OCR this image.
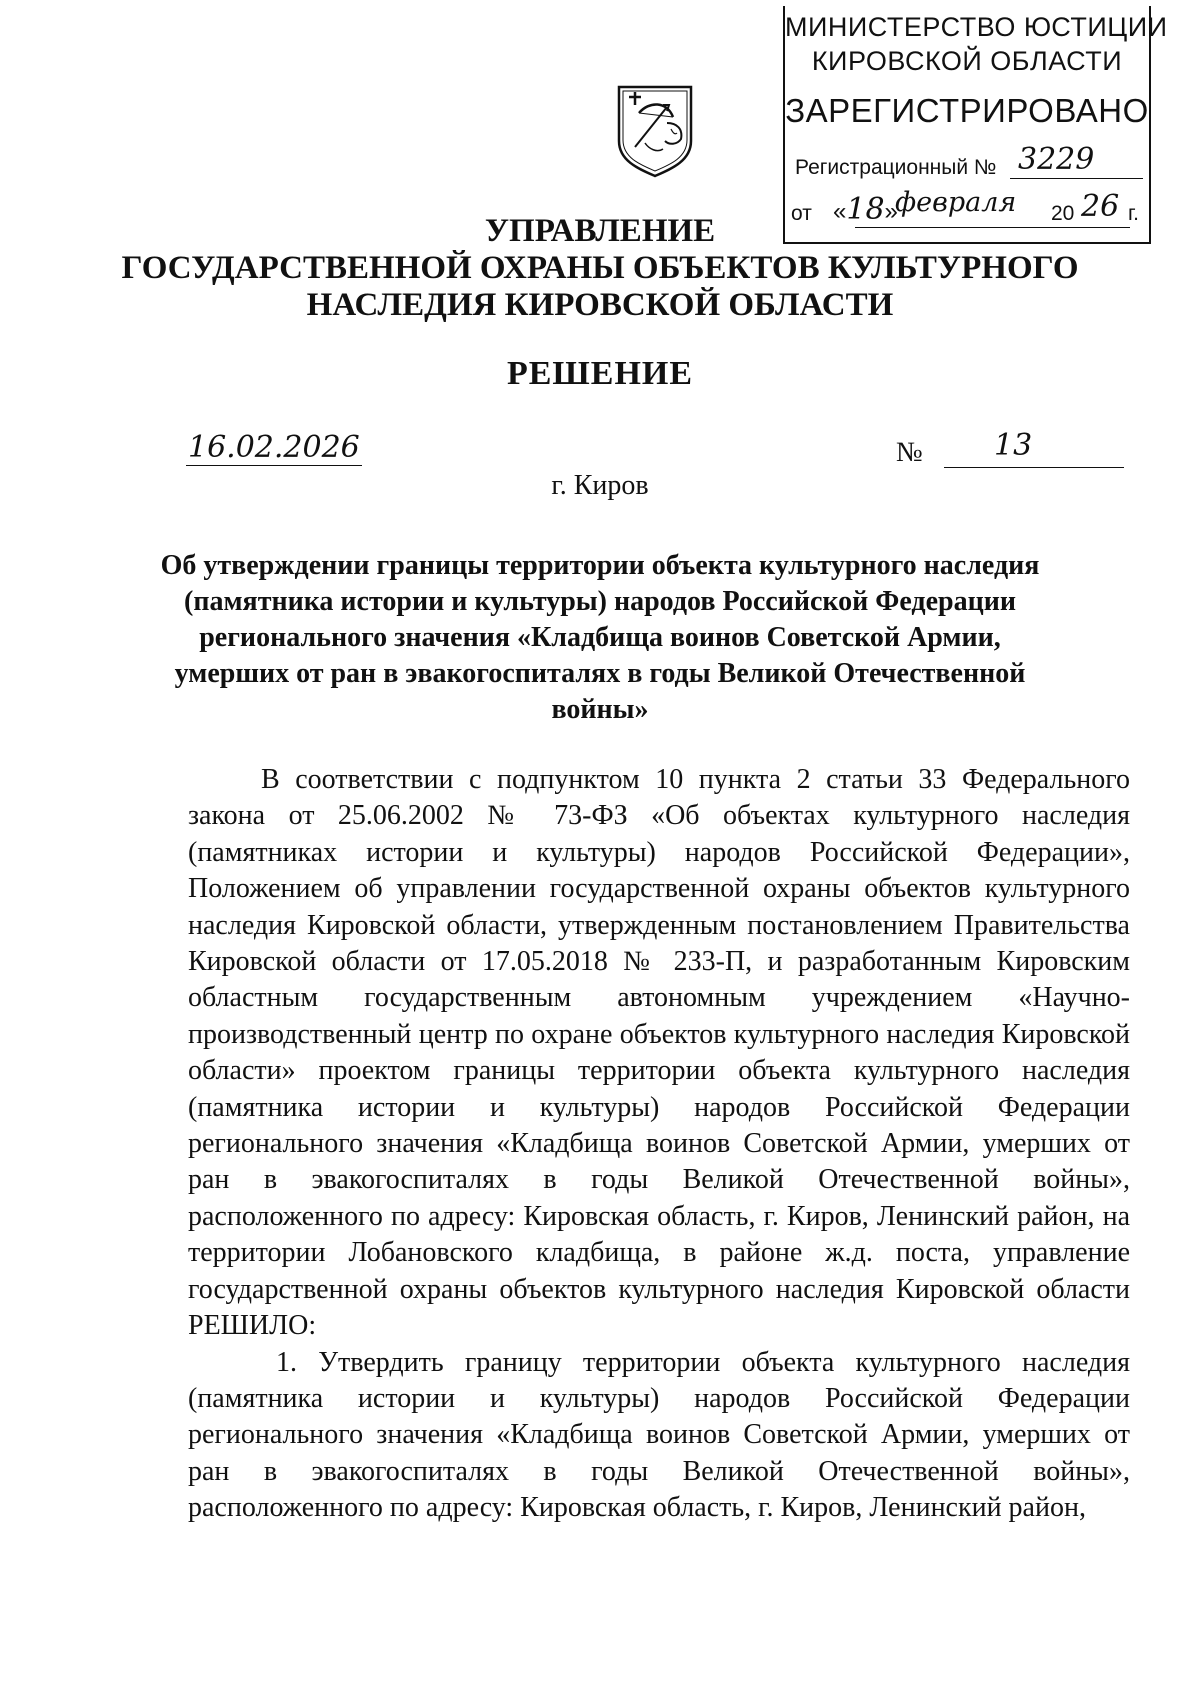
МИНИСТЕРСТВО ЮСТИЦИИ
КИРОВСКОЙ ОБЛАСТИ
ЗАРЕГИСТРИРОВАНО
Регистрационный № 3229
от «18»
февраля 20 26 г.
УПРАВЛЕНИЕ
ГОСУДАРСТВЕННОЙ ОХРАНЫ ОБЪЕКТОВ КУЛЬТУРНОГО
НАСЛЕДИЯ КИРОВСКОЙ ОБЛАСТИ
РЕШЕНИЕ
16.02.2026	№	13
г. Киров
Об утверждении границы территории объекта культурного наследия
(памятника истории и культуры) народов Российской Федерации
регионального значения «Кладбища воинов Советской Армии,
умерших от ран в эвакогоспиталях в годы Великой Отечественной
войны»

В соответствии с подпунктом 10 пункта 2 статьи 33 Федерального закона от 25.06.2002 № 73-ФЗ «Об объектах культурного наследия (памятниках истории и культуры) народов Российской Федерации», Положением об управлении государственной охраны объектов культурного наследия Кировской области, утвержденным постановлением Правительства Кировской области от 17.05.2018 № 233-П, и разработанным Кировским областным государственным автономным учреждением «Научно-производственный центр по охране объектов культурного наследия Кировской области» проектом границы территории объекта культурного наследия (памятника истории и культуры) народов Российской Федерации регионального значения «Кладбища воинов Советской Армии, умерших от ран в эвакогоспиталях в годы Великой Отечественной войны», расположенного по адресу: Кировская область, г. Киров, Ленинский район, на территории Лобановского кладбища, в районе ж.д. поста, управление государственной охраны объектов культурного наследия Кировской области РЕШИЛО:

1. Утвердить границу территории объекта культурного наследия (памятника истории и культуры) народов Российской Федерации регионального значения «Кладбища воинов Советской Армии, умерших от ран в эвакогоспиталях в годы Великой Отечественной войны», расположенного по адресу: Кировская область, г. Киров, Ленинский район,
